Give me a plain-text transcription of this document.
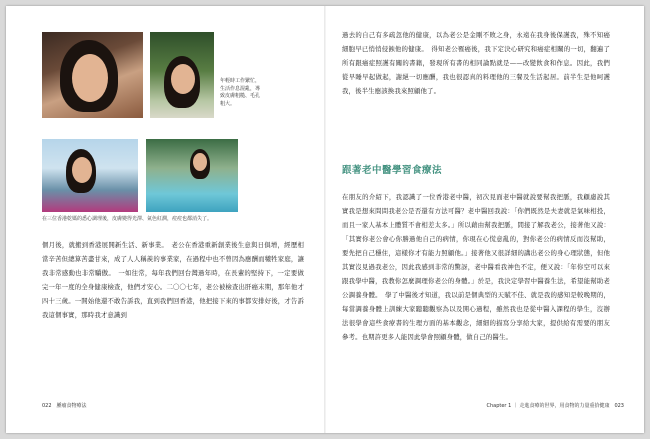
年輕時工作繁忙，生活作息混亂，導致皮膚粗糙、毛孔粗大。
在三位香港乾媽的悉心調理後，皮膚變得光澤、氣色紅潤，痘痘也都消失了。
個月後，就搬到香港展開新生活、新事業。　老公在香港重新創業後生意與日俱增，經歷相當辛苦但總算苦盡甘來，成了人人稱羨的事業家，在過程中也不曾因為應酬而犧牲家庭，讓我非常感動也非常驕傲。　一如往常，每年我們回台灣過年時，在長輩的堅持下，一定要做完一年一度的全身健康檢查，他們才安心。二〇〇七年，老公被檢查出肝癌末期，那年他才四十三歲。一開始他還不敢告訴我，直到我們回香港，他把接下來的事都安排好後，才告訴我這個事實，那時我才意識到
022　腫瘤食物療法
過去的自己有多疏忽他的健康，以為老公是金剛不敗之身，永遠在我身後保護我，殊不知癌細胞早已悄悄侵蝕他的健康。　得知老公罹癌後，我下定決心研究和癌症相關的一切，翻遍了所有跟癌症照護有關的書籍，發現所有書的相同論點就是——改變飲食和作息。因此，我們從早睡早起做起，謝絕一切應酬，我也很認真的料理他的三餐及生活起居。前半生是他呵護我，後半生應該換我來照顧他了。
跟著老中醫學習食療法
在朋友的介紹下，我認識了一位香港老中醫，初次見面老中醫就說要幫我把脈，我顧慮說其實我是想來問問我老公是否還有方法可醫？老中醫回我說：「你們既然是夫妻就是氣味相投，而且一家人基本上體質不會相差太多。」所以藉由幫我把脈，間接了解我老公，接著他又說：「其實你老公會心你勝過他自己的病情，你現在心慌意亂的，對你老公的病情反而沒幫助，要先把自己穩住，這樣你才有能力照顧他。」接著他又很詳細的講出老公的身心理狀態，但他其實沒見過我老公，因此我感到非常的驚訝，老中醫看我神色不定，便又說：「年你空可以來跟我學中醫，我教你怎麼調理你老公的身體。」於是，我決定學習中醫養生法，希望能幫助老公調養身體。　學了中醫後才知道，我以前是個典型的天賦不佳、就是我的感知是較晚期的，每當調養身體上訓練大家聽聽觀察為以及開心過程，雖然我也是從中醫入課程的學生，沒辦法很學會這些食療書的生理方面的基本觀念，細細的描寫分享給大家，提供給有需要的朋友參考。也期許更多人能因此學會照顧身體，做自己的醫生。
Chapter 1 ｜ 走進食療的世界，用食物的力量重拾健康　023
